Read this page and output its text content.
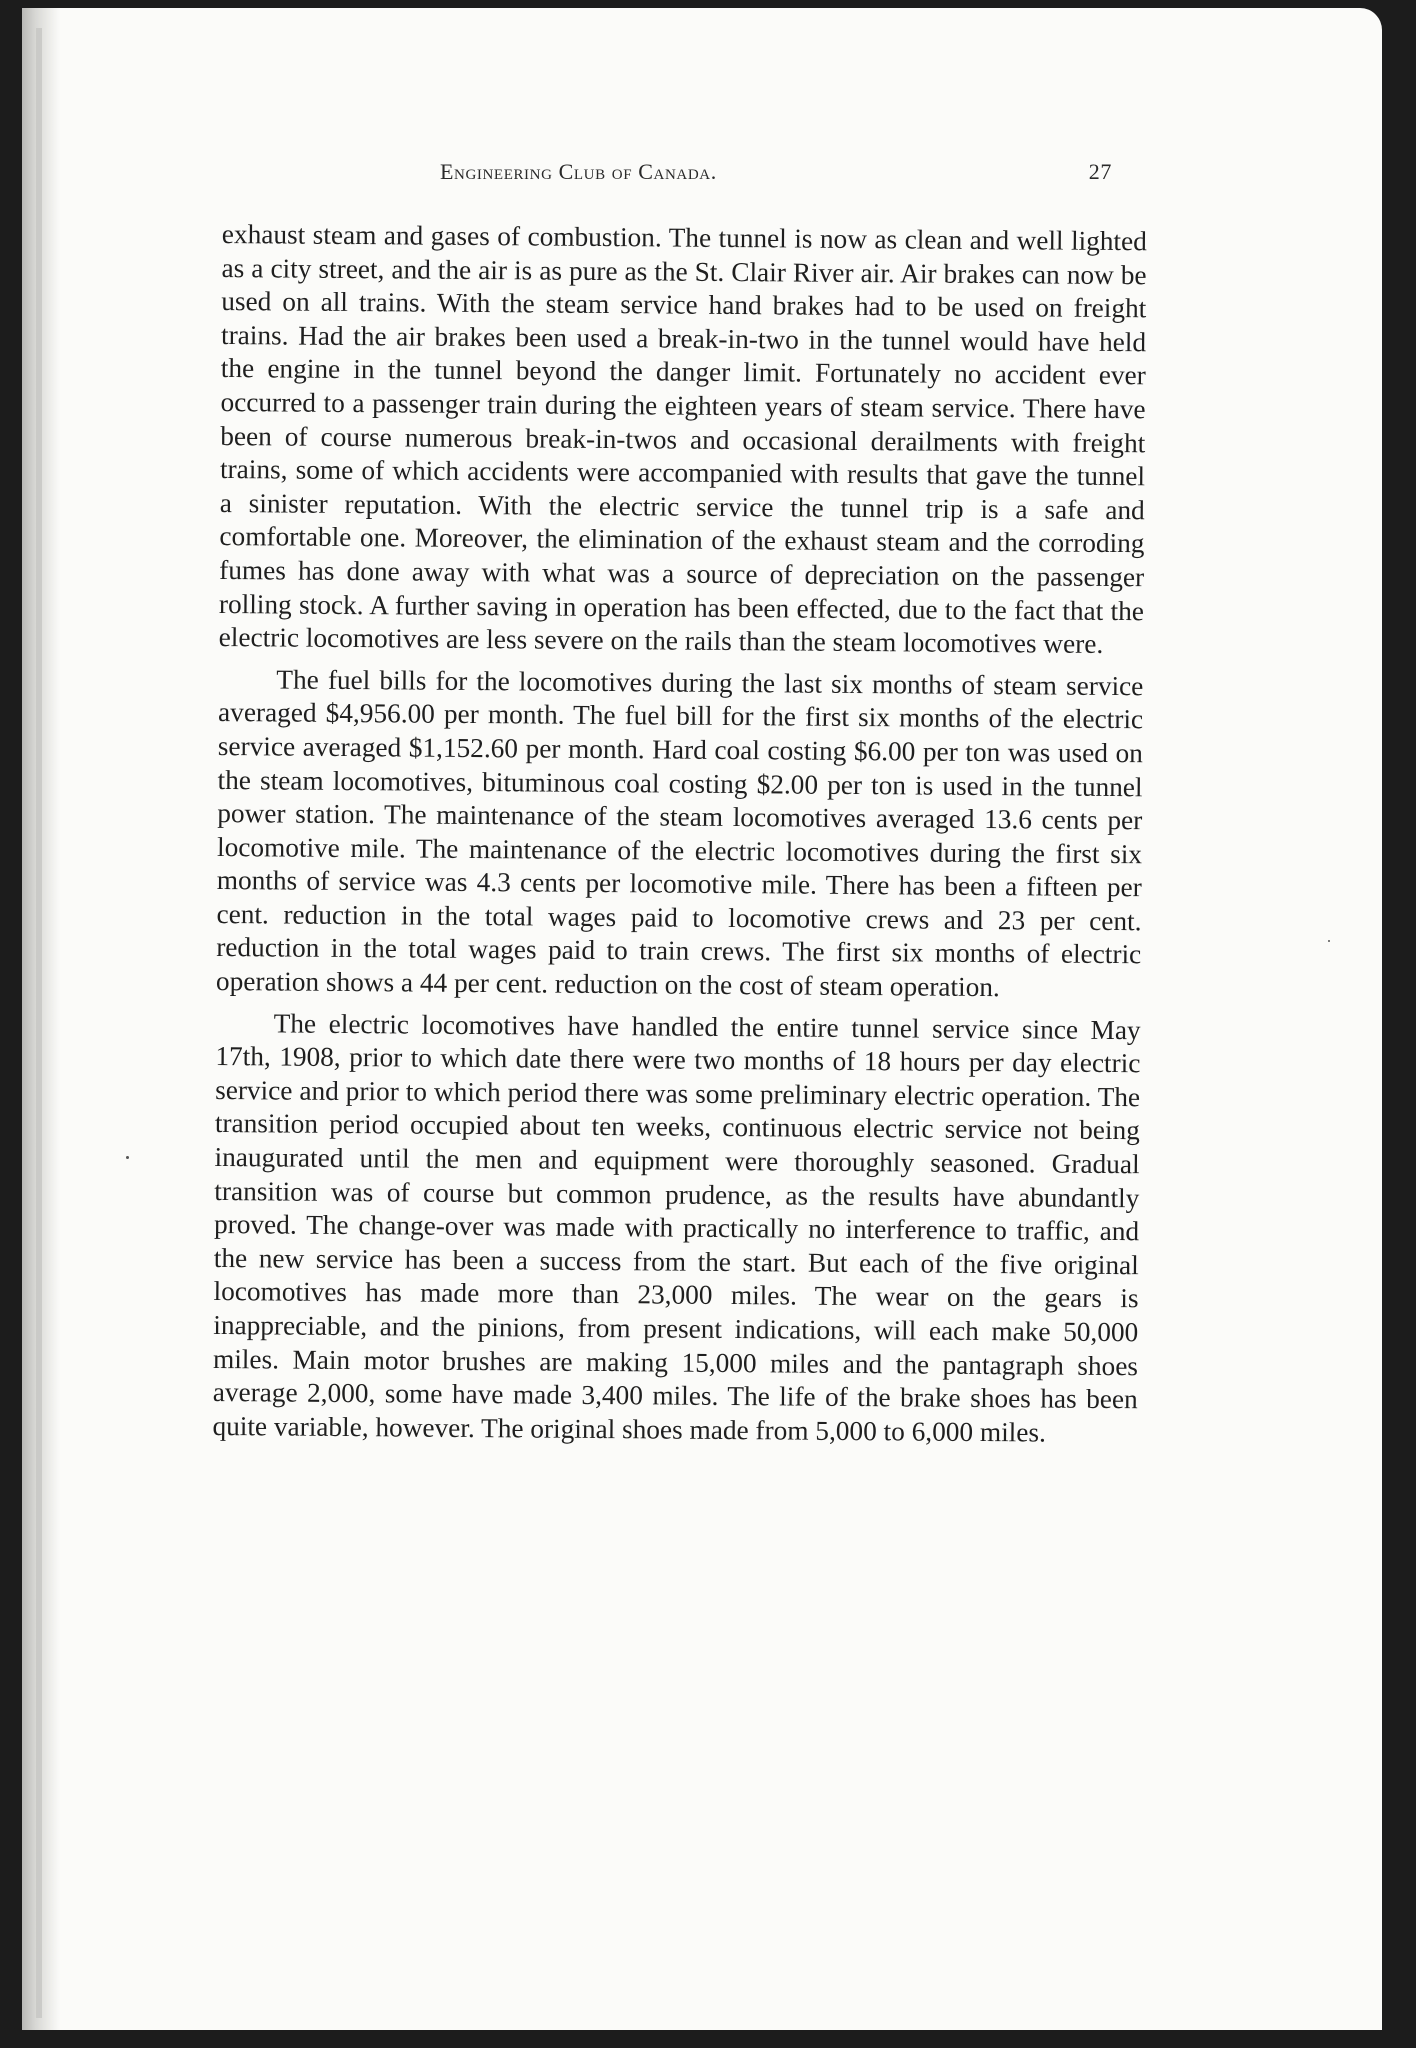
Engineering Club of Canada.	27

exhaust steam and gases of combustion. The tunnel is now as clean and well lighted as a city street, and the air is as pure as the St. Clair River air. Air brakes can now be used on all trains. With the steam service hand brakes had to be used on freight trains. Had the air brakes been used a break-in-two in the tunnel would have held the engine in the tunnel beyond the danger limit. Fortunately no accident ever occurred to a passenger train during the eighteen years of steam service. There have been of course numerous break-in-twos and occasional derailments with freight trains, some of which accidents were accompanied with results that gave the tunnel a sinister reputation. With the electric service the tunnel trip is a safe and comfortable one. Moreover, the elimination of the exhaust steam and the corroding fumes has done away with what was a source of depreciation on the passenger rolling stock. A further saving in operation has been effected, due to the fact that the electric locomotives are less severe on the rails than the steam locomotives were.

The fuel bills for the locomotives during the last six months of steam service averaged $4,956.00 per month. The fuel bill for the first six months of the electric service averaged $1,152.60 per month. Hard coal costing $6.00 per ton was used on the steam locomotives, bituminous coal costing $2.00 per ton is used in the tunnel power station. The maintenance of the steam locomotives averaged 13.6 cents per locomotive mile. The maintenance of the electric locomotives during the first six months of service was 4.3 cents per locomotive mile. There has been a fifteen per cent. reduction in the total wages paid to locomotive crews and 23 per cent. reduction in the total wages paid to train crews. The first six months of electric operation shows a 44 per cent. reduction on the cost of steam operation.

The electric locomotives have handled the entire tunnel service since May 17th, 1908, prior to which date there were two months of 18 hours per day electric service and prior to which period there was some preliminary electric operation. The transition period occupied about ten weeks, continuous electric service not being inaugurated until the men and equipment were thoroughly seasoned. Gradual transition was of course but common prudence, as the results have abundantly proved. The change-over was made with practically no interference to traffic, and the new service has been a success from the start. But each of the five original locomotives has made more than 23,000 miles. The wear on the gears is inappreciable, and the pinions, from present indications, will each make 50,000 miles. Main motor brushes are making 15,000 miles and the pantagraph shoes average 2,000, some have made 3,400 miles. The life of the brake shoes has been quite variable, however. The original shoes made from 5,000 to 6,000 miles.
